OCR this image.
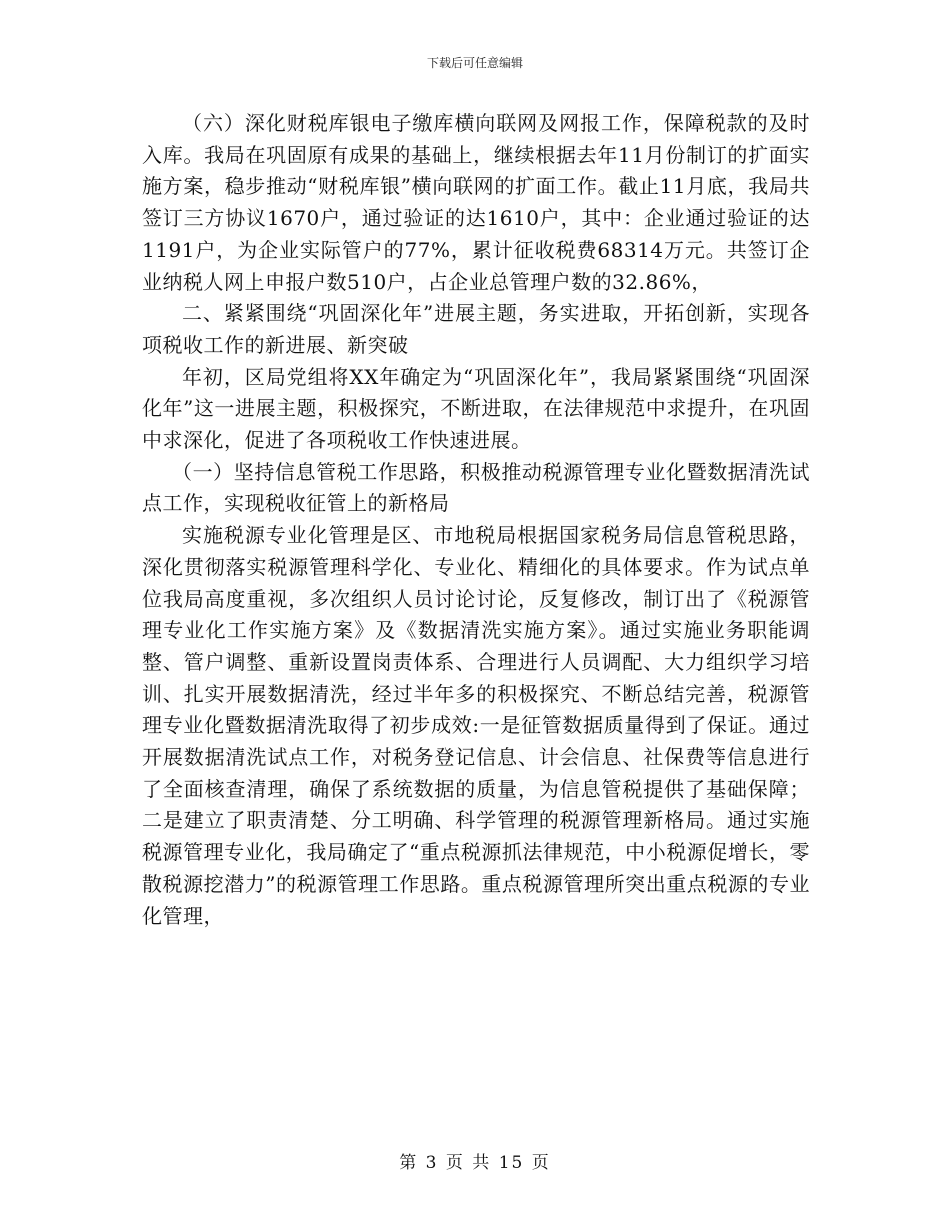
下载后可任意编辑

（六）深化财税库银电子缴库横向联网及网报工作，保障税款的及时入库。我局在巩固原有成果的基础上，继续根据去年11月份制订的扩面实施方案，稳步推动“财税库银”横向联网的扩面工作。截止11月底，我局共签订三方协议1670户，通过验证的达1610户，其中：企业通过验证的达1191户，为企业实际管户的77%，累计征收税费68314万元。共签订企业纳税人网上申报户数510户，占企业总管理户数的32.86%，

二、紧紧围绕“巩固深化年”进展主题，务实进取，开拓创新，实现各项税收工作的新进展、新突破

年初，区局党组将XX年确定为“巩固深化年”，我局紧紧围绕“巩固深化年”这一进展主题，积极探究，不断进取，在法律规范中求提升，在巩固中求深化，促进了各项税收工作快速进展。

（一）坚持信息管税工作思路，积极推动税源管理专业化暨数据清洗试点工作，实现税收征管上的新格局

实施税源专业化管理是区、市地税局根据国家税务局信息管税思路，深化贯彻落实税源管理科学化、专业化、精细化的具体要求。作为试点单位我局高度重视，多次组织人员讨论讨论，反复修改，制订出了《税源管理专业化工作实施方案》及《数据清洗实施方案》。通过实施业务职能调整、管户调整、重新设置岗责体系、合理进行人员调配、大力组织学习培训、扎实开展数据清洗，经过半年多的积极探究、不断总结完善，税源管理专业化暨数据清洗取得了初步成效:一是征管数据质量得到了保证。通过开展数据清洗试点工作，对税务登记信息、计会信息、社保费等信息进行了全面核查清理，确保了系统数据的质量，为信息管税提供了基础保障；二是建立了职责清楚、分工明确、科学管理的税源管理新格局。通过实施税源管理专业化，我局确定了“重点税源抓法律规范，中小税源促增长，零散税源挖潜力”的税源管理工作思路。重点税源管理所突出重点税源的专业化管理，

第 3 页 共 15 页
